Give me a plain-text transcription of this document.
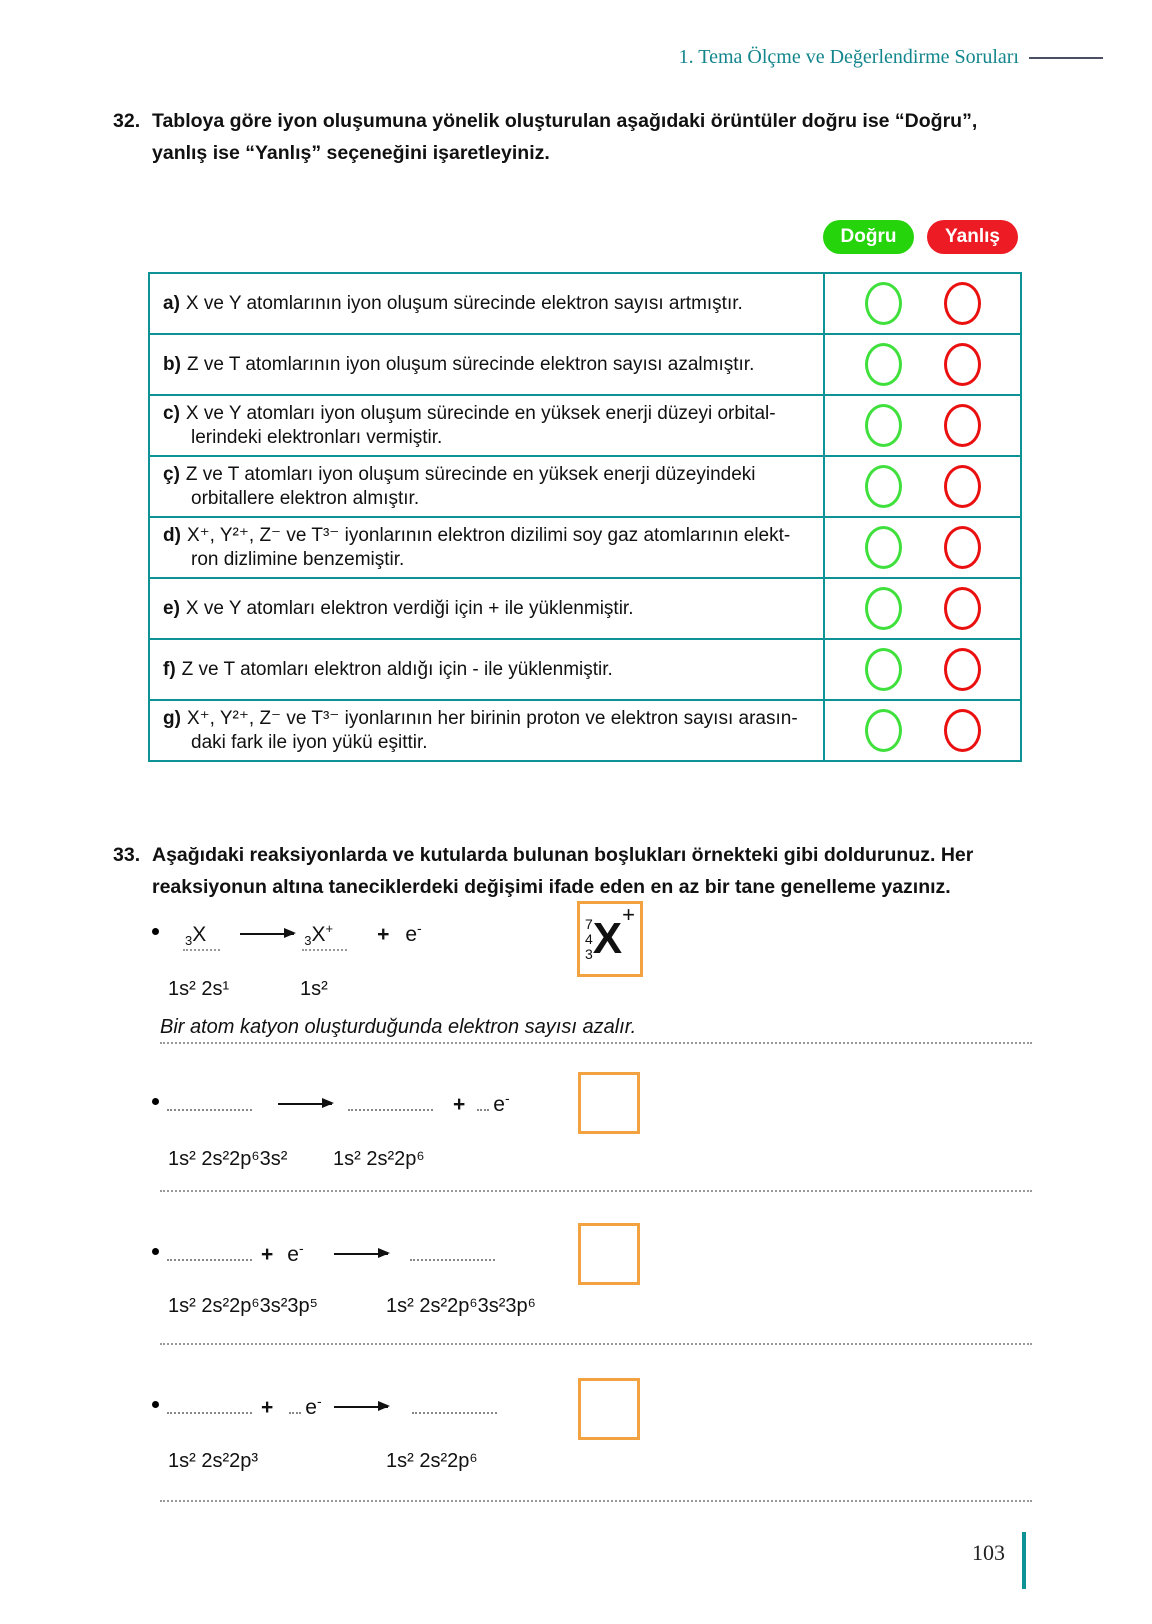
1. Tema Ölçme ve Değerlendirme Soruları
32. Tabloya göre iyon oluşumuna yönelik oluşturulan aşağıdaki örüntüler doğru ise “Doğru”, yanlış ise “Yanlış” seçeneğini işaretleyiniz.
Doğru	Yanlış
a) X ve Y atomlarının iyon oluşum sürecinde elektron sayısı artmıştır.
b) Z ve T atomlarının iyon oluşum sürecinde elektron sayısı azalmıştır.
c) X ve Y atomları iyon oluşum sürecinde en yüksek enerji düzeyi orbital-
lerindeki elektronları vermiştir.
ç) Z ve T atomları iyon oluşum sürecinde en yüksek enerji düzeyindeki
orbitallere elektron almıştır.
d) X⁺, Y²⁺, Z⁻ ve T³⁻ iyonlarının elektron dizilimi soy gaz atomlarının elekt-
ron dizlimine benzemiştir.
e) X ve Y atomları elektron verdiği için + ile yüklenmiştir.
f) Z ve T atomları elektron aldığı için - ile yüklenmiştir.
g) X⁺, Y²⁺, Z⁻ ve T³⁻ iyonlarının her birinin proton ve elektron sayısı arasın-
daki fark ile iyon yükü eşittir.
33. Aşağıdaki reaksiyonlarda ve kutularda bulunan boşlukları örnekteki gibi doldurunuz. Her reaksiyonun altına taneciklerdeki değişimi ifade eden en az bir tane genelleme yazınız.
3X → 3X+ + e-
1s² 2s¹	1s²
7
4
3 X +
Bir atom katyon oluşturduğunda elektron sayısı azalır.
+ e-
1s² 2s²2p⁶3s² 1s² 2s²2p⁶
+ e- →
1s² 2s²2p⁶3s²3p⁵	1s² 2s²2p⁶3s²3p⁶
+ e- →
1s² 2s²2p³	1s² 2s²2p⁶
103
